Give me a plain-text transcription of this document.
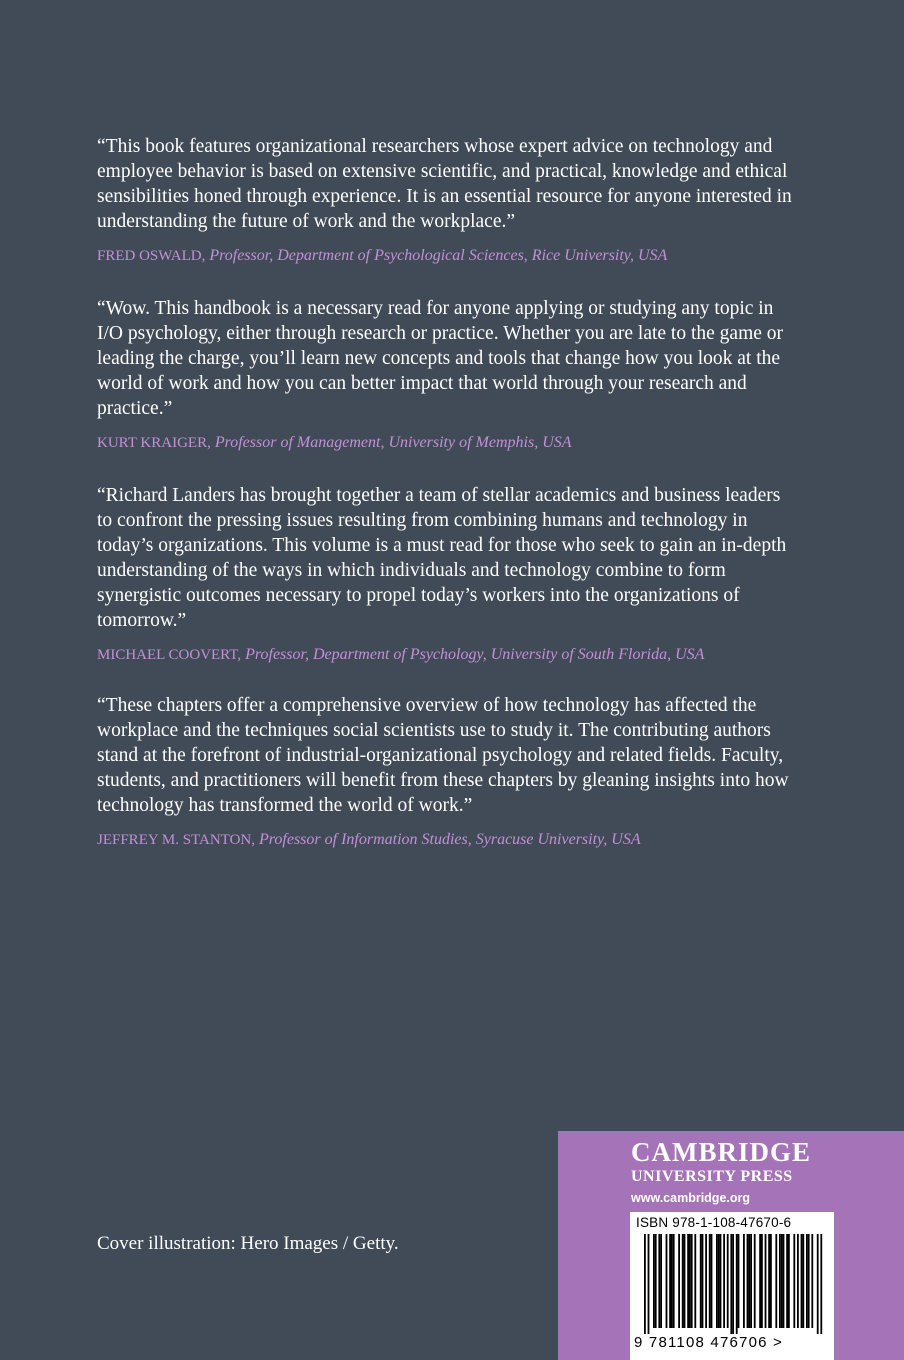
“This book features organizational researchers whose expert advice on technology and employee behavior is based on extensive scientific, and practical, knowledge and ethical sensibilities honed through experience. It is an essential resource for anyone interested in understanding the future of work and the workplace.”

FRED OSWALD, Professor, Department of Psychological Sciences, Rice University, USA

“Wow. This handbook is a necessary read for anyone applying or studying any topic in I/O psychology, either through research or practice. Whether you are late to the game or leading the charge, you’ll learn new concepts and tools that change how you look at the world of work and how you can better impact that world through your research and practice.”

KURT KRAIGER, Professor of Management, University of Memphis, USA

“Richard Landers has brought together a team of stellar academics and business leaders to confront the pressing issues resulting from combining humans and technology in today’s organizations. This volume is a must read for those who seek to gain an in-depth understanding of the ways in which individuals and technology combine to form synergistic outcomes necessary to propel today’s workers into the organizations of tomorrow.”

MICHAEL COOVERT, Professor, Department of Psychology, University of South Florida, USA

“These chapters offer a comprehensive overview of how technology has affected the workplace and the techniques social scientists use to study it. The contributing authors stand at the forefront of industrial-organizational psychology and related fields. Faculty, students, and practitioners will benefit from these chapters by gleaning insights into how technology has transformed the world of work.”

JEFFREY M. STANTON, Professor of Information Studies, Syracuse University, USA

Cover illustration: Hero Images / Getty.
CAMBRIDGE
UNIVERSITY PRESS
www.cambridge.org
ISBN 978-1-108-47670-6
9 781108 476706 >
